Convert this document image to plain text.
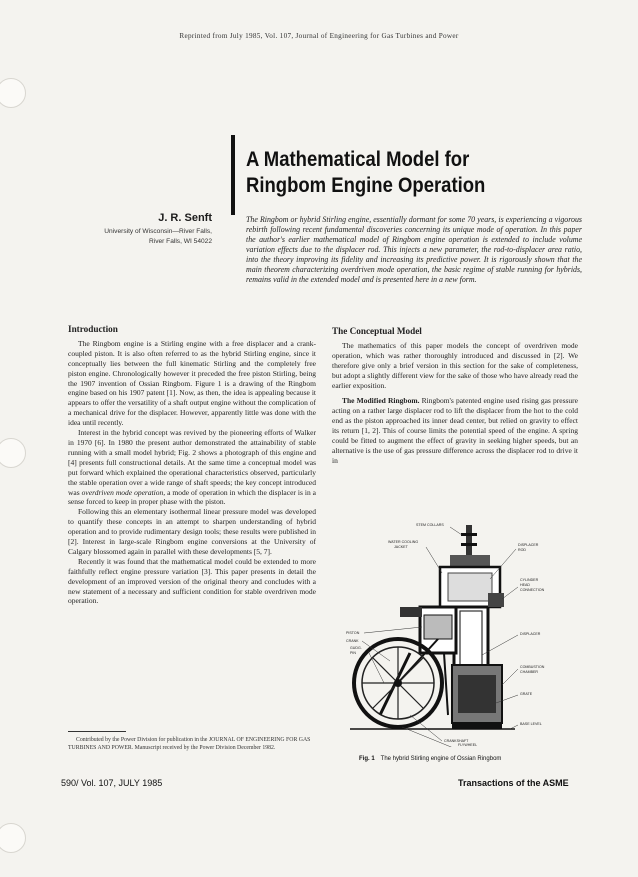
Reprinted from July 1985, Vol. 107, Journal of Engineering for Gas Turbines and Power
A Mathematical Model for
Ringbom Engine Operation
J. R. Senft
University of Wisconsin—River Falls,
River Falls, WI 54022
The Ringbom or hybrid Stirling engine, essentially dormant for some 70 years, is experiencing a vigorous rebirth following recent fundamental discoveries concerning its unique mode of operation. In this paper the author's earlier mathematical model of Ringbom engine operation is extended to include volume variation effects due to the displacer rod. This injects a new parameter, the rod-to-displacer area ratio, into the theory improving its fidelity and increasing its predictive power. It is rigorously shown that the main theorem characterizing overdriven mode operation, the basic regime of stable running for hybrids, remains valid in the extended model and is presented here in a new form.
Introduction

The Ringbom engine is a Stirling engine with a free displacer and a crank-coupled piston. It is also often referred to as the hybrid Stirling engine, since it conceptually lies between the full kinematic Stirling and the completely free piston engine. Chronologically however it preceded the free piston Stirling, being the 1907 invention of Ossian Ringbom. Figure 1 is a drawing of the Ringbom engine based on his 1907 patent [1]. Now, as then, the idea is appealing because it appears to offer the versatility of a shaft output engine without the complication of a mechanical drive for the displacer. However, apparently little was done with the idea until recently.

Interest in the hybrid concept was revived by the pioneering efforts of Walker in 1970 [6]. In 1980 the present author demonstrated the attainability of stable running with a small model hybrid; Fig. 2 shows a photograph of this engine and [4] presents full constructional details. At the same time a conceptual model was put forward which explained the operational characteristics observed, particularly the stable operation over a wide range of shaft speeds; the key concept introduced was overdriven mode operation, a mode of operation in which the displacer is in a sense forced to keep in proper phase with the piston.

Following this an elementary isothermal linear pressure model was developed to quantify these concepts in an attempt to sharpen understanding of hybrid operation and to provide rudimentary design tools; these results were published in [2]. Interest in large-scale Ringbom engine conversions at the University of Calgary blossomed again in parallel with these developments [5, 7].

Recently it was found that the mathematical model could be extended to more faithfully reflect engine pressure variation [3]. This paper presents in detail the development of an improved version of the original theory and concludes with a new statement of a necessary and sufficient condition for stable overdriven mode operation.

Contributed by the Power Division for publication in the JOURNAL OF ENGINEERING FOR GAS TURBINES AND POWER. Manuscript received by the Power Division December 1982.
The Conceptual Model

The mathematics of this paper models the concept of overdriven mode operation, which was rather thoroughly introduced and discussed in [2]. We therefore give only a brief version in this section for the sake of completeness, but adopt a slightly different view for the sake of those who have already read the earlier exposition.

The Modified Ringbom. Ringbom's patented engine used rising gas pressure acting on a rather large displacer rod to lift the displacer from the hot to the cold end as the piston approached its inner dead center, but relied on gravity to effect its return [1, 2]. This of course limits the potential speed of the engine. A spring could be fitted to augment the effect of gravity in seeking higher speeds, but an alternative is the use of gas pressure difference across the displacer rod to drive it in

STEM COLLARS
WATER COOLING
JACKET	DISPLACER
ROD
CYLINDER
HEAD
CONNECTION
PISTON
CRANK
DISPLACER
GUDG.
PIN
COMBUSTION
CHAMBER
GRATE
BASE LEVEL
CRANKSHAFT
FLYWHEEL
Fig. 1 The hybrid Stirling engine of Ossian Ringbom
590/ Vol. 107, JULY 1985	Transactions of the ASME
